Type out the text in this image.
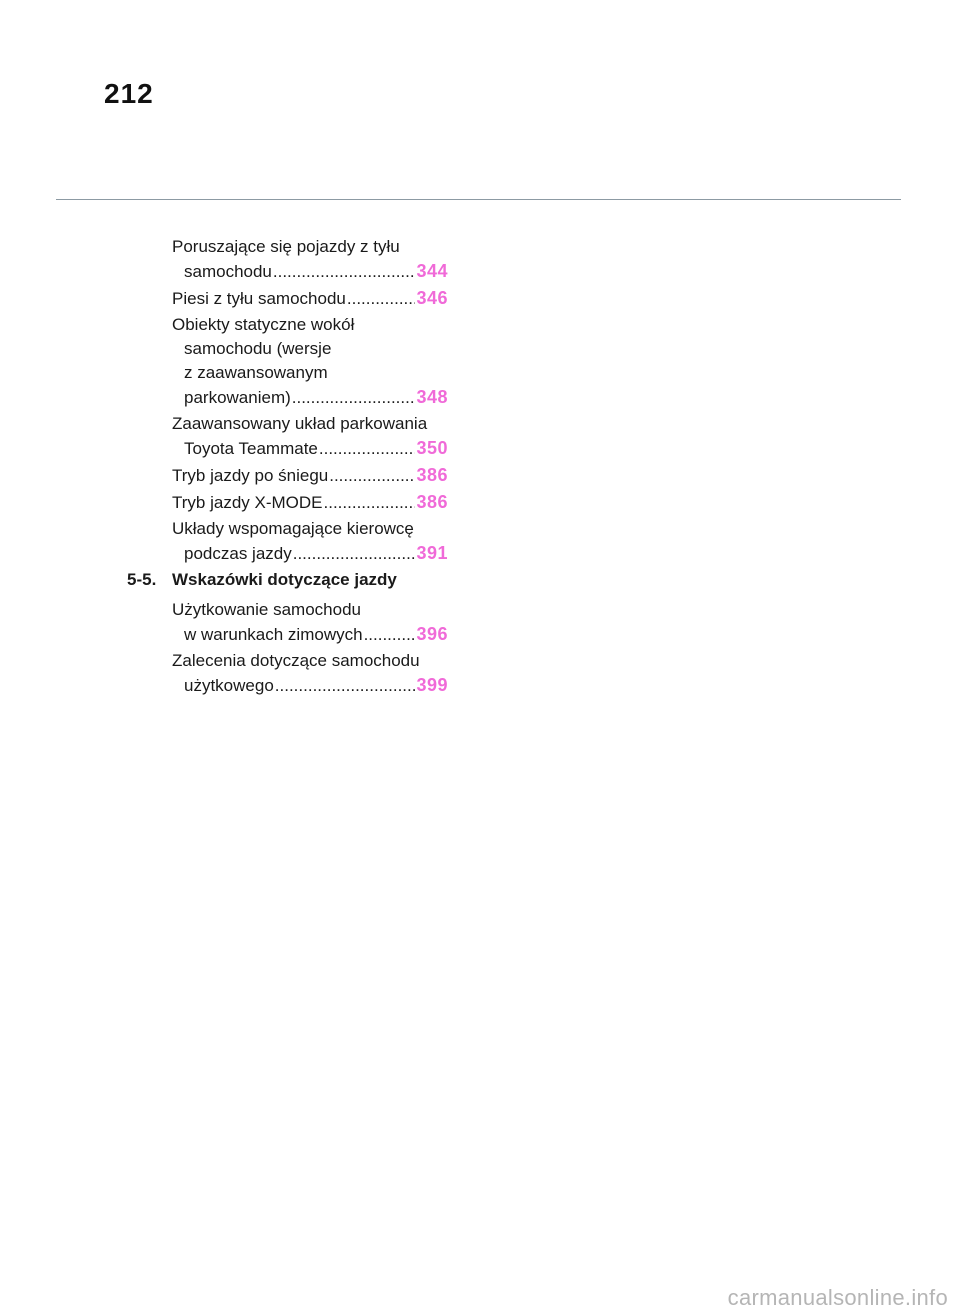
212
Poruszające się pojazdy z tyłu
samochodu .....	344
Piesi z tyłu samochodu .....	346
Obiekty statyczne wokół
samochodu (wersje
z zaawansowanym
parkowaniem) .....	348
Zaawansowany układ parkowania
Toyota Teammate .....	350
Tryb jazdy po śniegu .....	386
Tryb jazdy X-MODE .....	386
Układy wspomagające kierowcę
podczas jazdy .....	391
5-5. Wskazówki dotyczące jazdy
Użytkowanie samochodu
w warunkach zimowych .....	396
Zalecenia dotyczące samochodu
użytkowego .....	399
carmanualsonline.info
